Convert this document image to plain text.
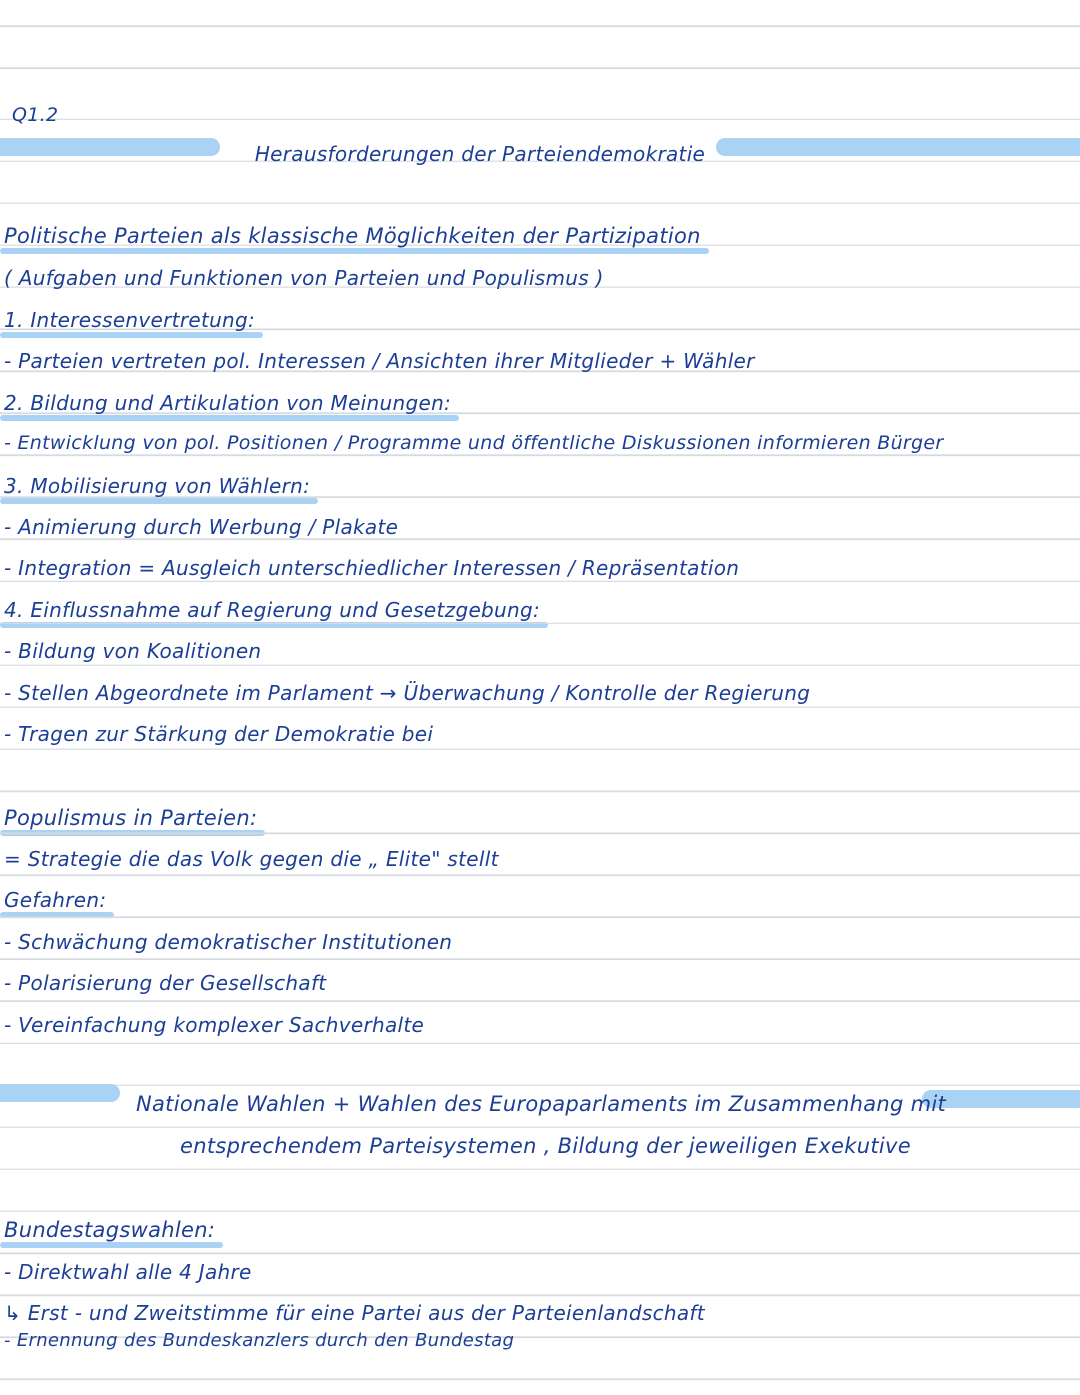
Q1.2
Herausforderungen der Parteiendemokratie
Politische Parteien als klassische Möglichkeiten der Partizipation
( Aufgaben und Funktionen von Parteien und Populismus )
1. Interessenvertretung:
- Parteien vertreten pol. Interessen / Ansichten ihrer Mitglieder + Wähler
2. Bildung und Artikulation von Meinungen:
- Entwicklung von pol. Positionen / Programme und öffentliche Diskussionen informieren Bürger
3. Mobilisierung von Wählern:
- Animierung durch Werbung / Plakate
- Integration = Ausgleich unterschiedlicher Interessen / Repräsentation
4. Einflussnahme auf Regierung und Gesetzgebung:
- Bildung von Koalitionen
- Stellen Abgeordnete im Parlament → Überwachung / Kontrolle der Regierung
- Tragen zur Stärkung der Demokratie bei
Populismus in Parteien:
= Strategie die das Volk gegen die „ Elite" stellt
Gefahren:
- Schwächung demokratischer Institutionen
- Polarisierung der Gesellschaft
- Vereinfachung komplexer Sachverhalte
Nationale Wahlen + Wahlen des Europaparlaments im Zusammenhang mit
entsprechendem Parteisystemen , Bildung der jeweiligen Exekutive
Bundestagswahlen:
- Direktwahl alle 4 Jahre
↳ Erst - und Zweitstimme für eine Partei aus der Parteienlandschaft
- Ernennung des Bundeskanzlers durch den Bundestag
